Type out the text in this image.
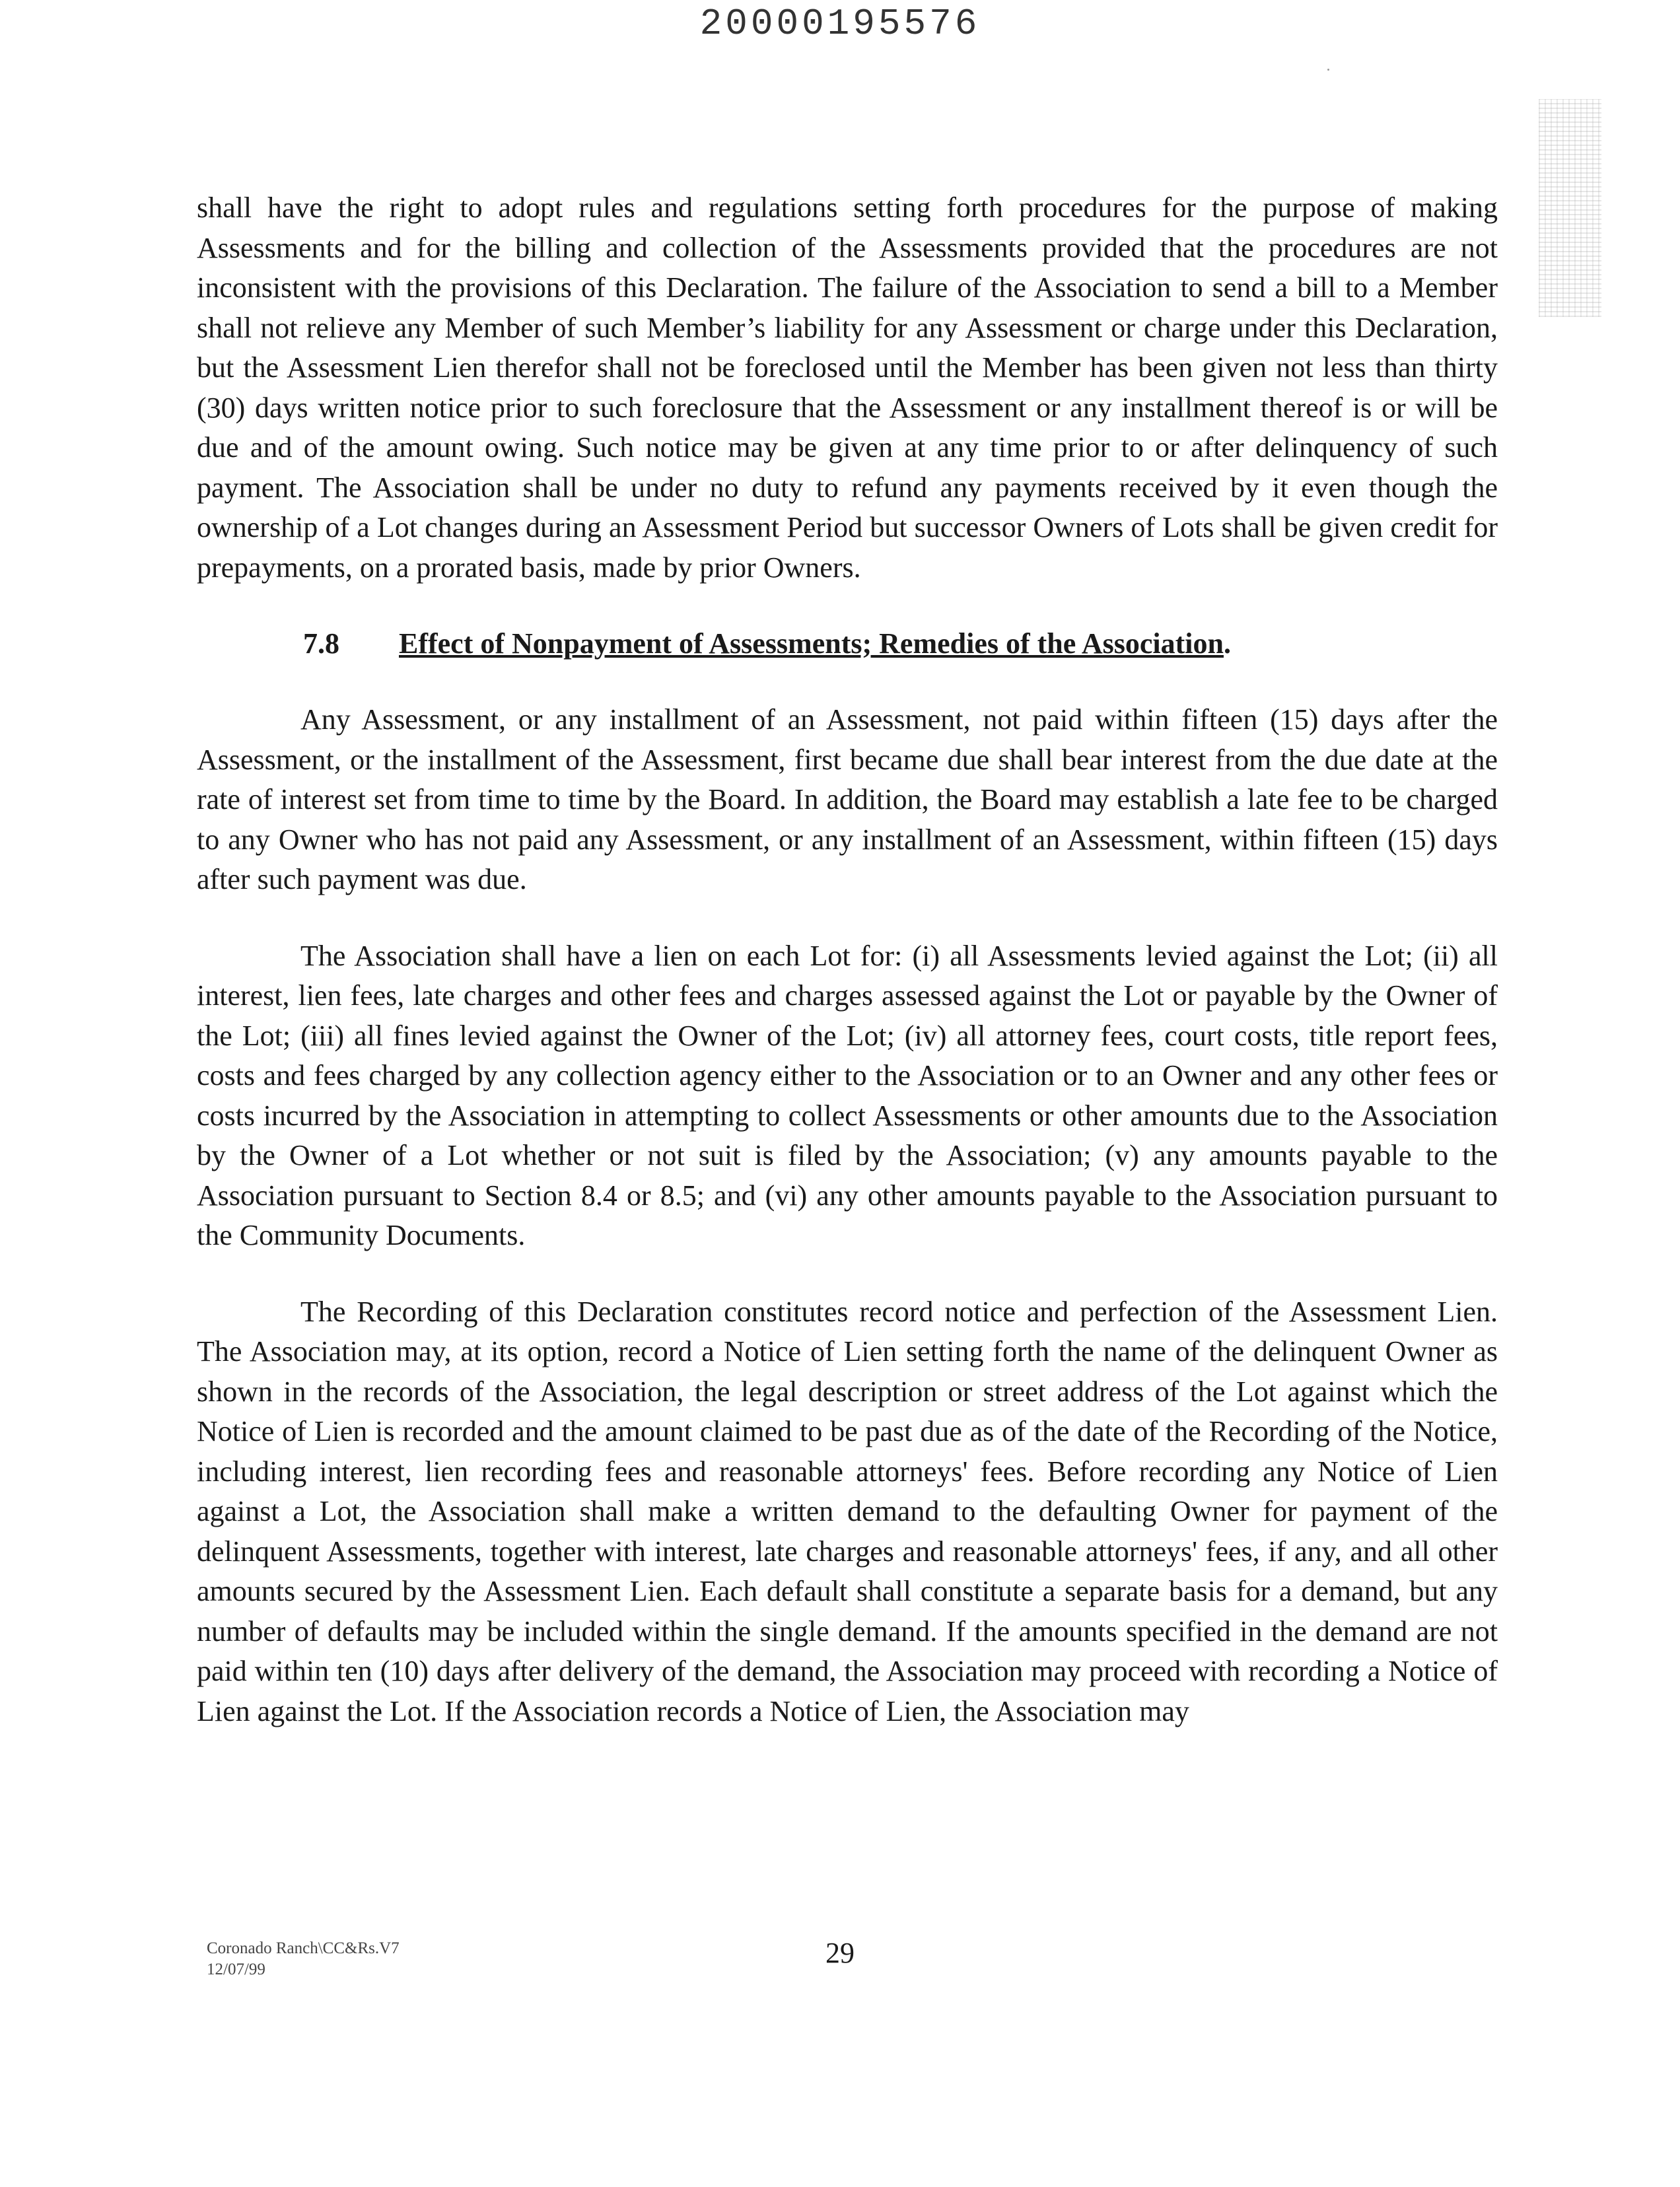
20000195576

shall have the right to adopt rules and regulations setting forth procedures for the purpose of making Assessments and for the billing and collection of the Assessments provided that the procedures are not inconsistent with the provisions of this Declaration. The failure of the Association to send a bill to a Member shall not relieve any Member of such Member’s liability for any Assessment or charge under this Declaration, but the Assessment Lien therefor shall not be foreclosed until the Member has been given not less than thirty (30) days written notice prior to such foreclosure that the Assessment or any installment thereof is or will be due and of the amount owing. Such notice may be given at any time prior to or after delinquency of such payment. The Association shall be under no duty to refund any payments received by it even though the ownership of a Lot changes during an Assessment Period but successor Owners of Lots shall be given credit for prepayments, on a prorated basis, made by prior Owners.

7.8 Effect of Nonpayment of Assessments; Remedies of the Association.

Any Assessment, or any installment of an Assessment, not paid within fifteen (15) days after the Assessment, or the installment of the Assessment, first became due shall bear interest from the due date at the rate of interest set from time to time by the Board. In addition, the Board may establish a late fee to be charged to any Owner who has not paid any Assessment, or any installment of an Assessment, within fifteen (15) days after such payment was due.

The Association shall have a lien on each Lot for: (i) all Assessments levied against the Lot; (ii) all interest, lien fees, late charges and other fees and charges assessed against the Lot or payable by the Owner of the Lot; (iii) all fines levied against the Owner of the Lot; (iv) all attorney fees, court costs, title report fees, costs and fees charged by any collection agency either to the Association or to an Owner and any other fees or costs incurred by the Association in attempting to collect Assessments or other amounts due to the Association by the Owner of a Lot whether or not suit is filed by the Association; (v) any amounts payable to the Association pursuant to Section 8.4 or 8.5; and (vi) any other amounts payable to the Association pursuant to the Community Documents.

The Recording of this Declaration constitutes record notice and perfection of the Assessment Lien. The Association may, at its option, record a Notice of Lien setting forth the name of the delinquent Owner as shown in the records of the Association, the legal description or street address of the Lot against which the Notice of Lien is recorded and the amount claimed to be past due as of the date of the Recording of the Notice, including interest, lien recording fees and reasonable attorneys' fees. Before recording any Notice of Lien against a Lot, the Association shall make a written demand to the defaulting Owner for payment of the delinquent Assessments, together with interest, late charges and reasonable attorneys' fees, if any, and all other amounts secured by the Assessment Lien. Each default shall constitute a separate basis for a demand, but any number of defaults may be included within the single demand. If the amounts specified in the demand are not paid within ten (10) days after delivery of the demand, the Association may proceed with recording a Notice of Lien against the Lot. If the Association records a Notice of Lien, the Association may

Coronado Ranch\CC&Rs.V7
12/07/99
29
